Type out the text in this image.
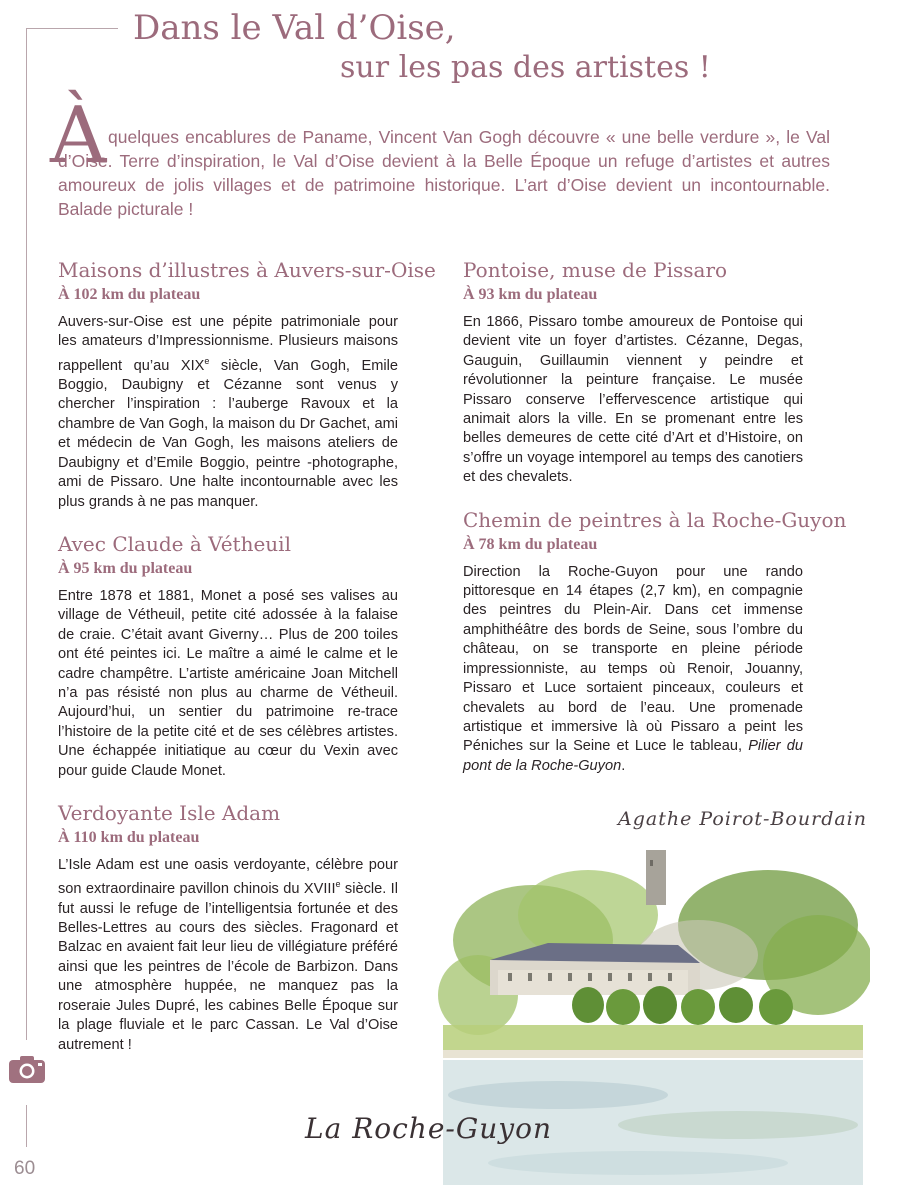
Dans le Val d’Oise,
sur les pas des artistes !
À quelques encablures de Paname, Vincent Van Gogh découvre « une belle verdure », le Val d’Oise. Terre d’inspiration, le Val d’Oise devient à la Belle Époque un refuge d’artistes et autres amoureux de jolis villages et de patrimoine historique. L’art d’Oise devient un incontournable. Balade picturale !

Maisons d’illustres à Auvers-sur-Oise
À 102 km du plateau

Auvers-sur-Oise est une pépite patrimoniale pour les amateurs d’Impressionnisme. Plusieurs maisons rappellent qu’au XIXe siècle, Van Gogh, Emile Boggio, Daubigny et Cézanne sont venus y chercher l’inspiration : l’auberge Ravoux et la chambre de Van Gogh, la maison du Dr Gachet, ami et médecin de Van Gogh, les maisons ateliers de Daubigny et d’Emile Boggio, peintre -photographe, ami de Pissaro. Une halte incontournable avec les plus grands à ne pas manquer.

Avec Claude à Vétheuil
À 95 km du plateau

Entre 1878 et 1881, Monet a posé ses valises au village de Vétheuil, petite cité adossée à la falaise de craie. C’était avant Giverny… Plus de 200 toiles ont été peintes ici. Le maître a aimé le calme et le cadre champêtre. L’artiste américaine Joan Mitchell n’a pas résisté non plus au charme de Vétheuil. Aujourd’hui, un sentier du patrimoine re-trace l’histoire de la petite cité et de ses célèbres artistes. Une échappée initiatique au cœur du Vexin avec pour guide Claude Monet.

Verdoyante Isle Adam
À 110 km du plateau

L’Isle Adam est une oasis verdoyante, célèbre pour son extraordinaire pavillon chinois du XVIIIe siècle. Il fut aussi le refuge de l’intelligentsia fortunée et des Belles-Lettres au cours des siècles. Fragonard et Balzac en avaient fait leur lieu de villégiature préféré ainsi que les peintres de l’école de Barbizon. Dans une atmosphère huppée, ne manquez pas la roseraie Jules Dupré, les cabines Belle Époque sur la plage fluviale et le parc Cassan. Le Val d’Oise autrement !

Pontoise, muse de Pissaro
À 93 km du plateau

En 1866, Pissaro tombe amoureux de Pontoise qui devient vite un foyer d’artistes. Cézanne, Degas, Gauguin, Guillaumin viennent y peindre et révolutionner la peinture française. Le musée Pissaro conserve l’effervescence artistique qui animait alors la ville. En se promenant entre les belles demeures de cette cité d’Art et d’Histoire, on s’offre un voyage intemporel au temps des canotiers et des chevalets.

Chemin de peintres à la Roche-Guyon
À 78 km du plateau

Direction la Roche-Guyon pour une rando pittoresque en 14 étapes (2,7 km), en compagnie des peintres du Plein-Air. Dans cet immense amphithéâtre des bords de Seine, sous l’ombre du château, on se transporte en pleine période impressionniste, au temps où Renoir, Jouanny, Pissaro et Luce sortaient pinceaux, couleurs et chevalets au bord de l’eau. Une promenade artistique et immersive là où Pissaro a peint les Péniches sur la Seine et Luce le tableau, Pilier du pont de la Roche-Guyon.

Agathe Poirot-Bourdain
La Roche-Guyon
60
